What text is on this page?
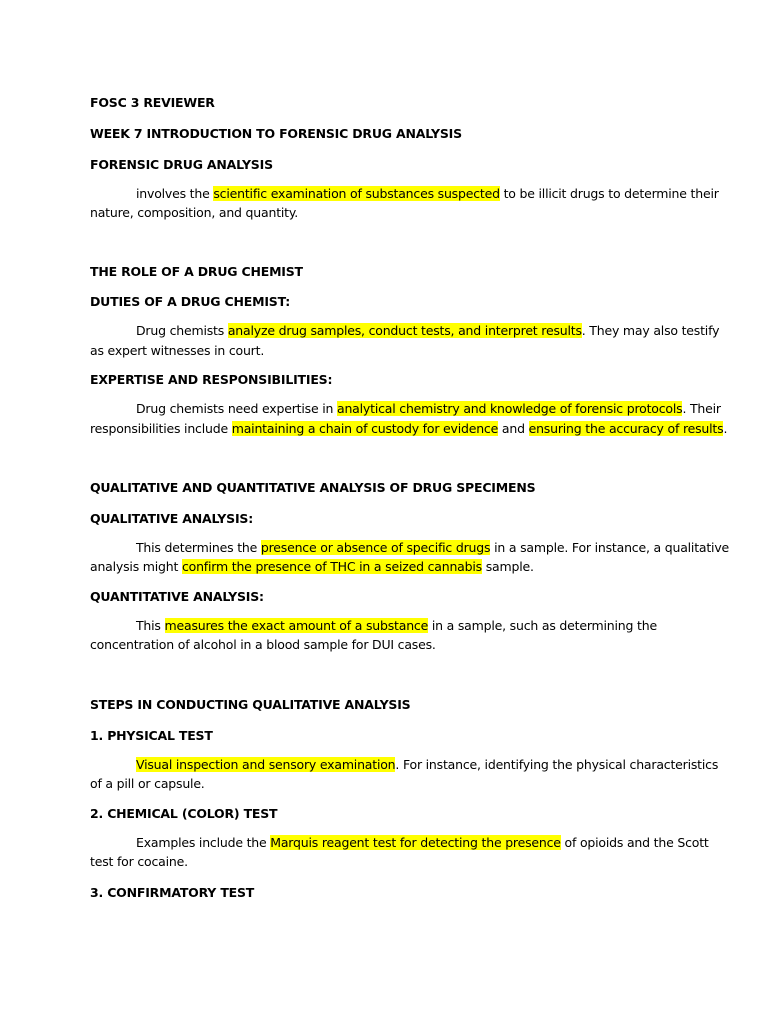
FOSC 3 REVIEWER
WEEK 7 INTRODUCTION TO FORENSIC DRUG ANALYSIS
FORENSIC DRUG ANALYSIS
involves the scientific examination of substances suspected to be illicit drugs to determine their
nature, composition, and quantity.
THE ROLE OF A DRUG CHEMIST
DUTIES OF A DRUG CHEMIST:
Drug chemists analyze drug samples, conduct tests, and interpret results. They may also testify
as expert witnesses in court.
EXPERTISE AND RESPONSIBILITIES:
Drug chemists need expertise in analytical chemistry and knowledge of forensic protocols. Their
responsibilities include maintaining a chain of custody for evidence and ensuring the accuracy of results.
QUALITATIVE AND QUANTITATIVE ANALYSIS OF DRUG SPECIMENS
QUALITATIVE ANALYSIS:
This determines the presence or absence of specific drugs in a sample. For instance, a qualitative
analysis might confirm the presence of THC in a seized cannabis sample.
QUANTITATIVE ANALYSIS:
This measures the exact amount of a substance in a sample, such as determining the
concentration of alcohol in a blood sample for DUI cases.
STEPS IN CONDUCTING QUALITATIVE ANALYSIS
1. PHYSICAL TEST
Visual inspection and sensory examination. For instance, identifying the physical characteristics
of a pill or capsule.
2. CHEMICAL (COLOR) TEST
Examples include the Marquis reagent test for detecting the presence of opioids and the Scott
test for cocaine.
3. CONFIRMATORY TEST
